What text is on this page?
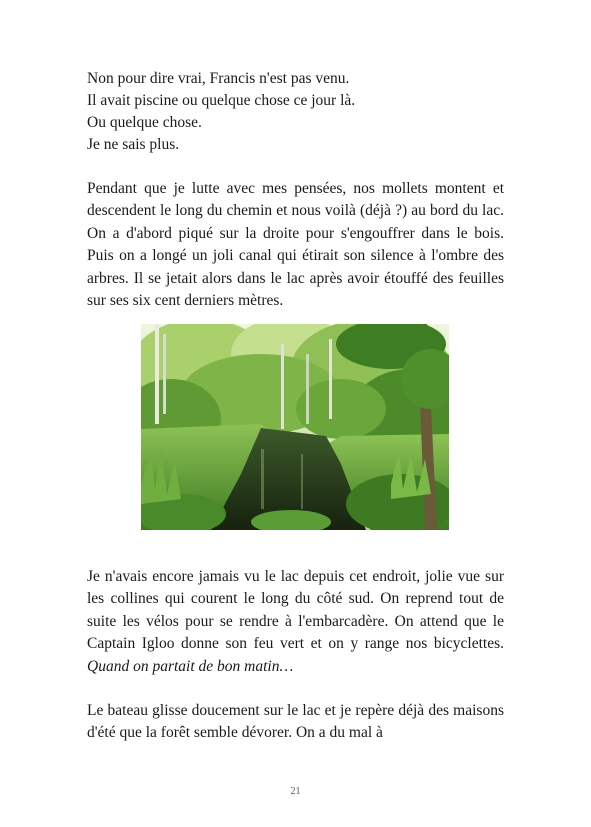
Non pour dire vrai, Francis n'est pas venu.
Il avait piscine ou quelque chose ce jour là.
Ou quelque chose.
Je ne sais plus.
Pendant que je lutte avec mes pensées, nos mollets montent et descendent le long du chemin et nous voilà (déjà ?) au bord du lac. On a d'abord piqué sur la droite pour s'engouffrer dans le bois. Puis on a longé un joli canal qui étirait son silence à l'ombre des arbres. Il se jetait alors dans le lac après avoir étouffé des feuilles sur ses six cent derniers mètres.
Je n'avais encore jamais vu le lac depuis cet endroit, jolie vue sur les collines qui courent le long du côté sud. On reprend tout de suite les vélos pour se rendre à l'embarcadère. On attend que le Captain Igloo donne son feu vert et on y range nos bicyclettes. Quand on partait de bon matin…
Le bateau glisse doucement sur le lac et je repère déjà des maisons d'été que la forêt semble dévorer. On a du mal à
21
